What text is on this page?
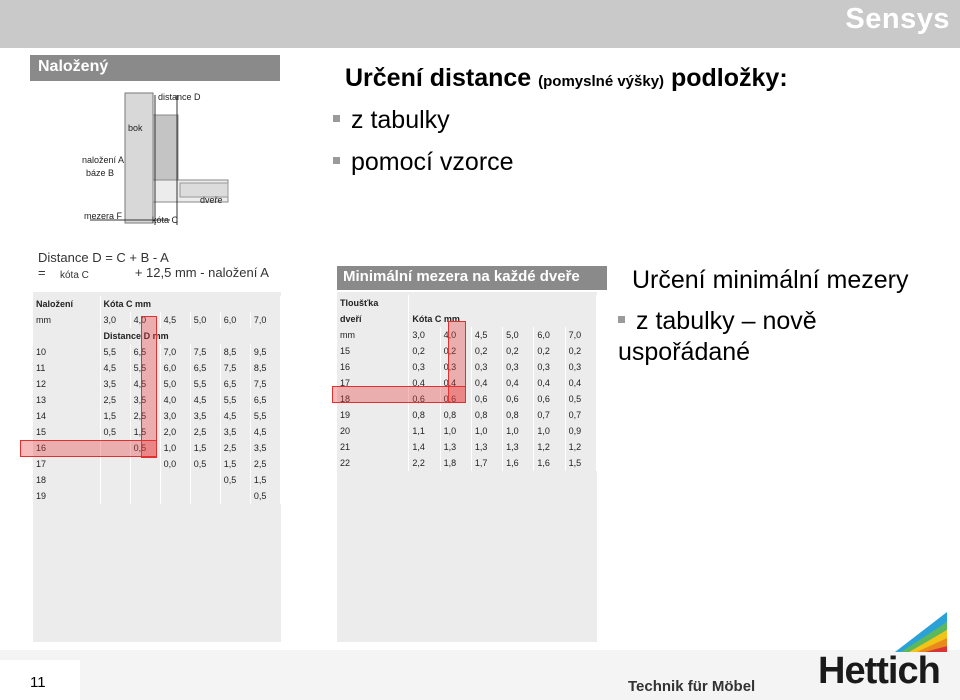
Sensys
Určení distance (pomyslné výšky) podložky:
z tabulky
pomocí vzorce
Naložený
distance D
bok
naložení A
báze B
dveře
mezera F	kóta C
Distance D = C + B - A
=	+ 12,5 mm - naložení A
kóta C
Naložení	Kóta C mm					
mm	3,0	4,0	4,5	5,0	6,0	7,0
	Distance D mm					
10	5,5	6,5	7,0	7,5	8,5	9,5
11	4,5	5,5	6,0	6,5	7,5	8,5
12	3,5	4,5	5,0	5,5	6,5	7,5
13	2,5	3,5	4,0	4,5	5,5	6,5
14	1,5	2,5	3,0	3,5	4,5	5,5
15	0,5	1,5	2,0	2,5	3,5	4,5
16		0,5	1,0	1,5	2,5	3,5
17			0,0	0,5	1,5	2,5
18					0,5	1,5
19						0,5
Minimální mezera na každé dveře
Tloušťka						
dveří	Kóta C mm					
mm	3,0	4,0	4,5	5,0	6,0	7,0
15	0,2	0,2	0,2	0,2	0,2	0,2
16	0,3	0,3	0,3	0,3	0,3	0,3
17	0,4	0,4	0,4	0,4	0,4	0,4
18	0,6	0,6	0,6	0,6	0,6	0,5
19	0,8	0,8	0,8	0,8	0,7	0,7
20	1,1	1,0	1,0	1,0	1,0	0,9
21	1,4	1,3	1,3	1,3	1,2	1,2
22	2,2	1,8	1,7	1,6	1,6	1,5
Určení minimální mezery
z tabulky – nově
uspořádané
11	Technik für Möbel Hettich
